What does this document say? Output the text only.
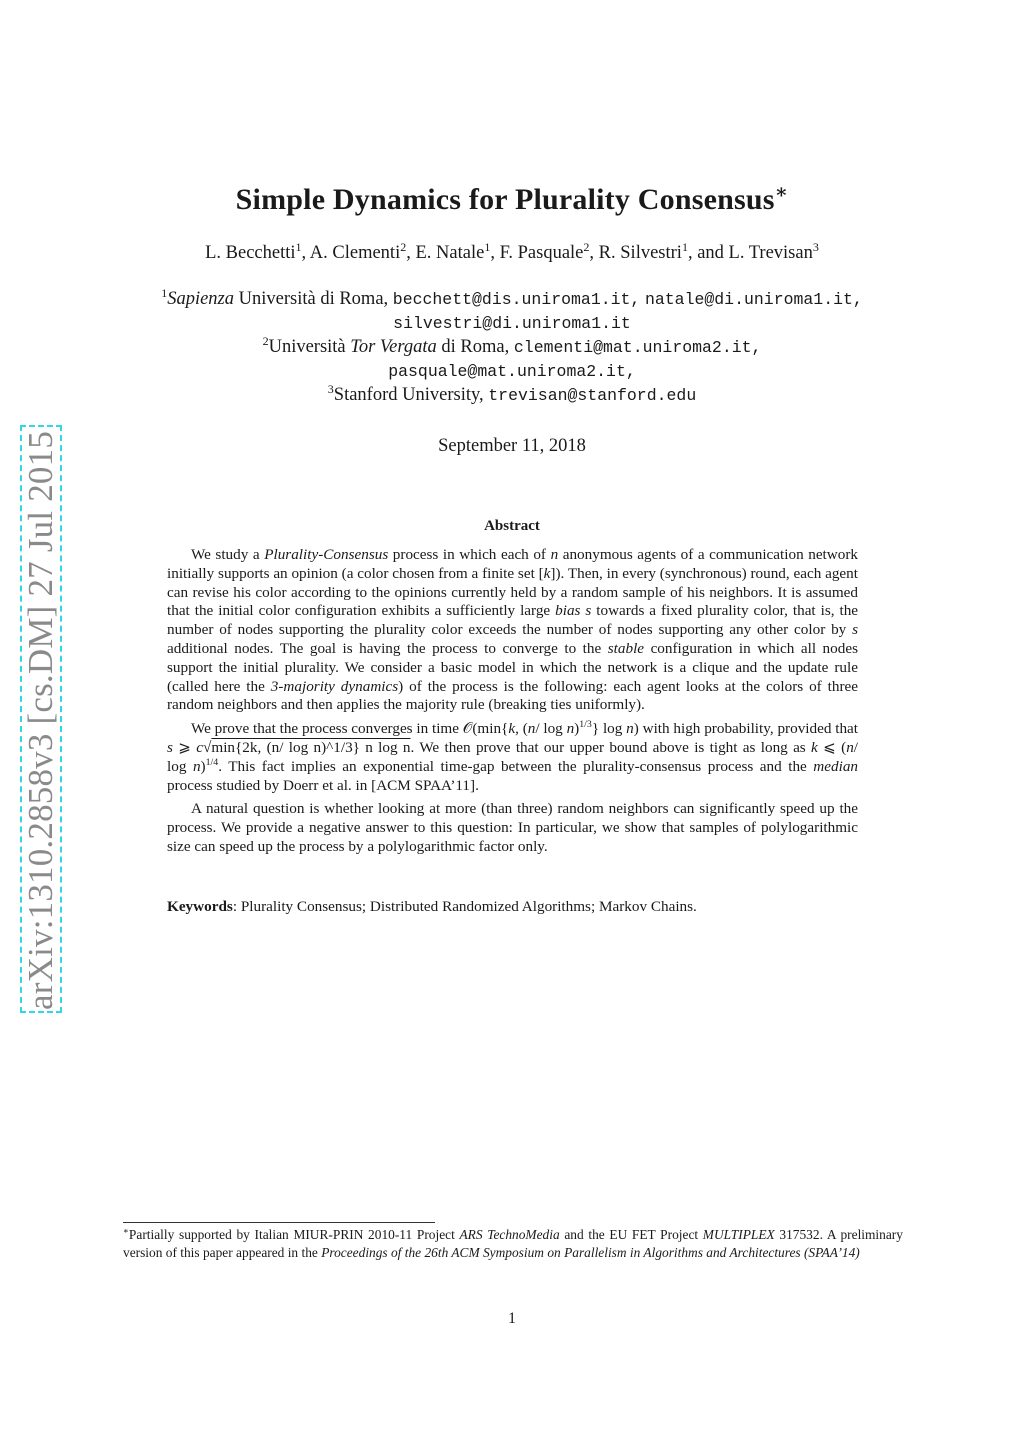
arXiv:1310.2858v3 [cs.DM] 27 Jul 2015
Simple Dynamics for Plurality Consensus∗
L. Becchetti$^1$, A. Clementi$^2$, E. Natale$^1$, F. Pasquale$^2$, R. Silvestri$^1$, and L. Trevisan$^3$
$^1$Sapienza Università di Roma, becchett@dis.uniroma1.it, natale@di.uniroma1.it,
silvestri@di.uniroma1.it
$^2$Università Tor Vergata di Roma, clementi@mat.uniroma2.it,
pasquale@mat.uniroma2.it,
$^3$Stanford University, trevisan@stanford.edu
September 11, 2018
Abstract

We study a Plurality-Consensus process in which each of n anonymous agents of a communication network initially supports an opinion (a color chosen from a finite set [k]). Then, in every (synchronous) round, each agent can revise his color according to the opinions currently held by a random sample of his neighbors. It is assumed that the initial color configuration exhibits a sufficiently large bias s towards a fixed plurality color, that is, the number of nodes supporting the plurality color exceeds the number of nodes supporting any other color by s additional nodes. The goal is having the process to converge to the stable configuration in which all nodes support the initial plurality. We consider a basic model in which the network is a clique and the update rule (called here the 3-majority dynamics) of the process is the following: each agent looks at the colors of three random neighbors and then applies the majority rule (breaking ties uniformly).

We prove that the process converges in time 𝒪(min{k, (n/ log n)$^{1/3}$} log n) with high probability, provided that s ⩾ c√min{2k, (n/ log n)^1/3} n log n. We then prove that our upper bound above is tight as long as k ⩽ (n/ log n)$^{1/4}$. This fact implies an exponential time-gap between the plurality-consensus process and the median process studied by Doerr et al. in [ACM SPAA’11].

A natural question is whether looking at more (than three) random neighbors can significantly speed up the process. We provide a negative answer to this question: In particular, we show that samples of polylogarithmic size can speed up the process by a polylogarithmic factor only.

Keywords: Plurality Consensus; Distributed Randomized Algorithms; Markov Chains.
∗Partially supported by Italian MIUR-PRIN 2010-11 Project ARS TechnoMedia and the EU FET Project MULTIPLEX 317532. A preliminary version of this paper appeared in the Proceedings of the 26th ACM Symposium on Parallelism in Algorithms and Architectures (SPAA’14)
1
